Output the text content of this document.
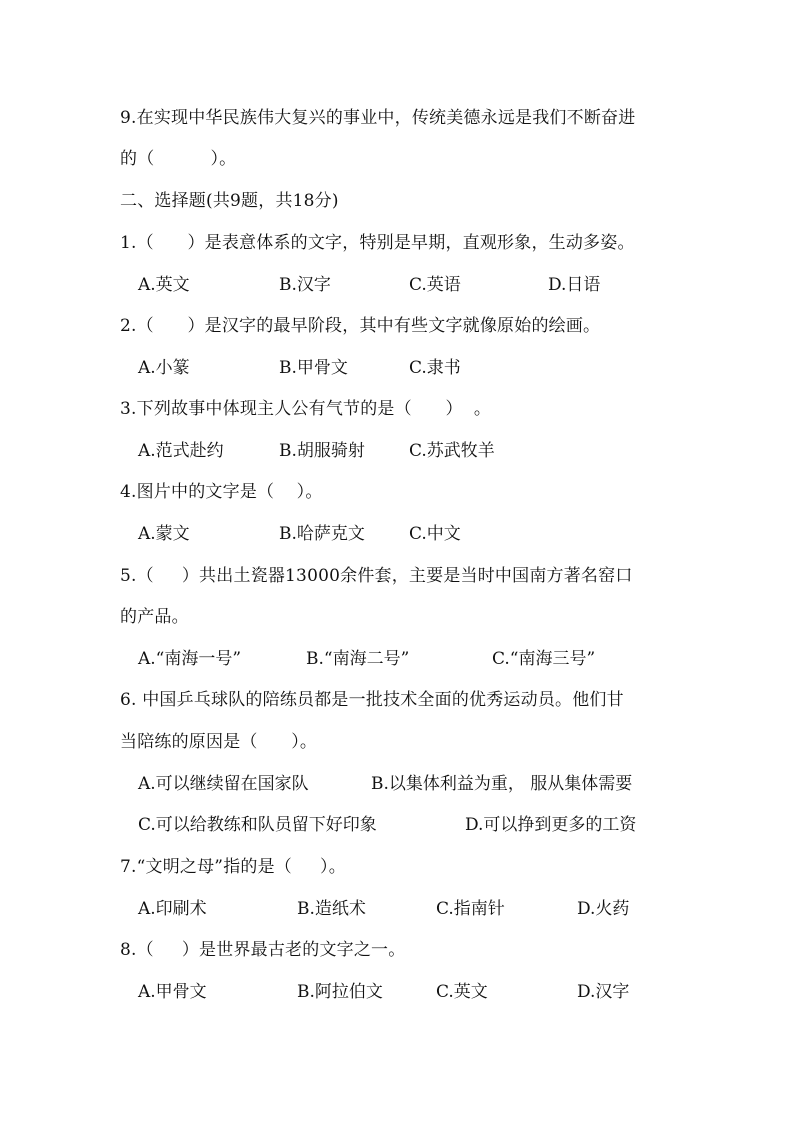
9.在实现中华民族伟大复兴的事业中，传统美德永远是我们不断奋进
的（          ）。
二、选择题(共9题，共18分)
1.（      ）是表意体系的文字，特别是早期，直观形象，生动多姿。
A.英文	B.汉字	C.英语	D.日语
2.（      ）是汉字的最早阶段，其中有些文字就像原始的绘画。
A.小篆	B.甲骨文	C.隶书
3.下列故事中体现主人公有气节的是（      ）  。
A.范式赴约	B.胡服骑射	C.苏武牧羊
4.图片中的文字是（    ）。
A.蒙文	B.哈萨克文	C.中文
5.（     ）共出土瓷器13000余件套，主要是当时中国南方著名窑口
的产品。
A.“南海一号”	B.“南海二号”	C.“南海三号”
6. 中国乒乓球队的陪练员都是一批技术全面的优秀运动员。他们甘
当陪练的原因是（      ）。
A.可以继续留在国家队	B.以集体利益为重， 服从集体需要
C.可以给教练和队员留下好印象	D.可以挣到更多的工资
7.“文明之母”指的是（     ）。
A.印刷术	B.造纸术	C.指南针	D.火药
8.（     ）是世界最古老的文字之一。
A.甲骨文	B.阿拉伯文	C.英文	D.汉字
